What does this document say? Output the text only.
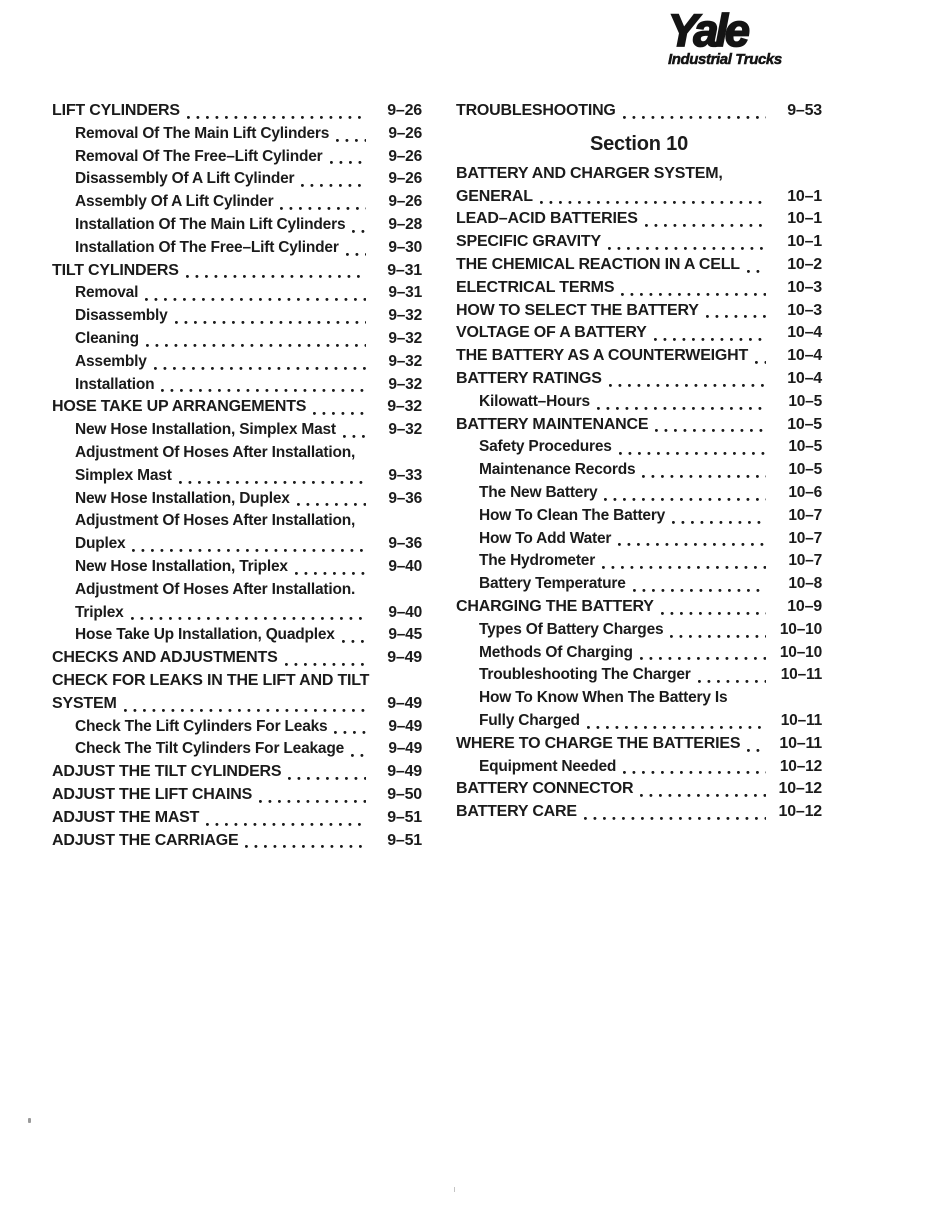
Yale
Industrial Trucks
LIFT CYLINDERS	9–26
Removal Of The Main Lift Cylinders	9–26
Removal Of The Free–Lift Cylinder	9–26
Disassembly Of A Lift Cylinder	9–26
Assembly Of A Lift Cylinder	9–26
Installation Of The Main Lift Cylinders	9–28
Installation Of The Free–Lift Cylinder	9–30
TILT CYLINDERS	9–31
Removal	9–31
Disassembly	9–32
Cleaning	9–32
Assembly	9–32
Installation	9–32
HOSE TAKE UP ARRANGEMENTS	9–32
New Hose Installation, Simplex Mast	9–32
Adjustment Of Hoses After Installation,
Simplex Mast	9–33
New Hose Installation, Duplex	9–36
Adjustment Of Hoses After Installation,
Duplex	9–36
New Hose Installation, Triplex	9–40
Adjustment Of Hoses After Installation.
Triplex	9–40
Hose Take Up Installation, Quadplex	9–45
CHECKS AND ADJUSTMENTS	9–49
CHECK FOR LEAKS IN THE LIFT AND TILT
SYSTEM	9–49
Check The Lift Cylinders For Leaks	9–49
Check The Tilt Cylinders For Leakage	9–49
ADJUST THE TILT CYLINDERS	9–49
ADJUST THE LIFT CHAINS	9–50
ADJUST THE MAST	9–51
ADJUST THE CARRIAGE	9–51
TROUBLESHOOTING	9–53
Section 10
BATTERY AND CHARGER SYSTEM,
GENERAL	10–1
LEAD–ACID BATTERIES	10–1
SPECIFIC GRAVITY	10–1
THE CHEMICAL REACTION IN A CELL	10–2
ELECTRICAL TERMS	10–3
HOW TO SELECT THE BATTERY	10–3
VOLTAGE OF A BATTERY	10–4
THE BATTERY AS A COUNTERWEIGHT	10–4
BATTERY RATINGS	10–4
Kilowatt–Hours	10–5
BATTERY MAINTENANCE	10–5
Safety Procedures	10–5
Maintenance Records	10–5
The New Battery	10–6
How To Clean The Battery	10–7
How To Add Water	10–7
The Hydrometer	10–7
Battery Temperature	10–8
CHARGING THE BATTERY	10–9
Types Of Battery Charges	10–10
Methods Of Charging	10–10
Troubleshooting The Charger	10–11
How To Know When The Battery Is
Fully Charged	10–11
WHERE TO CHARGE THE BATTERIES 10–11
Equipment Needed	10–12
BATTERY CONNECTOR	10–12
BATTERY CARE	10–12
